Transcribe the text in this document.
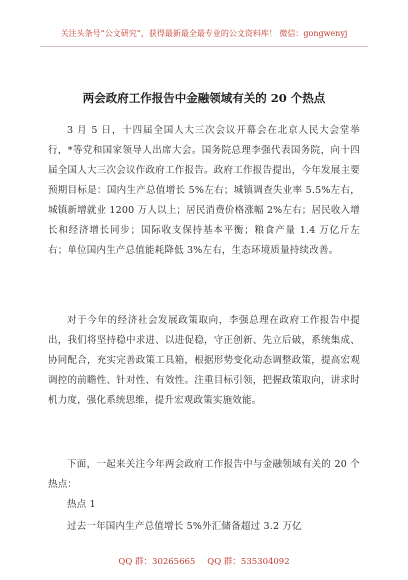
关注头条号“公文研究”，获得最新最全最专业的公文资料库！ 微信：gongwenyj
两会政府工作报告中金融领域有关的 20 个热点
3 月 5 日，十四届全国人大三次会议开幕会在北京人民大会堂举行，*等党和国家领导人出席大会。国务院总理李强代表国务院，向十四届全国人大三次会议作政府工作报告。政府工作报告提出，今年发展主要预期目标是：国内生产总值增长 5%左右；城镇调查失业率 5.5%左右，城镇新增就业 1200 万人以上；居民消费价格涨幅 2%左右；居民收入增长和经济增长同步；国际收支保持基本平衡；粮食产量 1.4 万亿斤左右；单位国内生产总值能耗降低 3%左右，生态环境质量持续改善。
对于今年的经济社会发展政策取向，李强总理在政府工作报告中提出，我们将坚持稳中求进、以进促稳，守正创新、先立后破，系统集成、协同配合，充实完善政策工具箱，根据形势变化动态调整政策，提高宏观调控的前瞻性、针对性、有效性。注重目标引领，把握政策取向，讲求时机力度，强化系统思维，提升宏观政策实施效能。
下面，一起来关注今年两会政府工作报告中与金融领域有关的 20 个热点：
热点 1
过去一年国内生产总值增长 5%外汇储备超过 3.2 万亿
QQ 群：30265665 QQ 群：535304092
